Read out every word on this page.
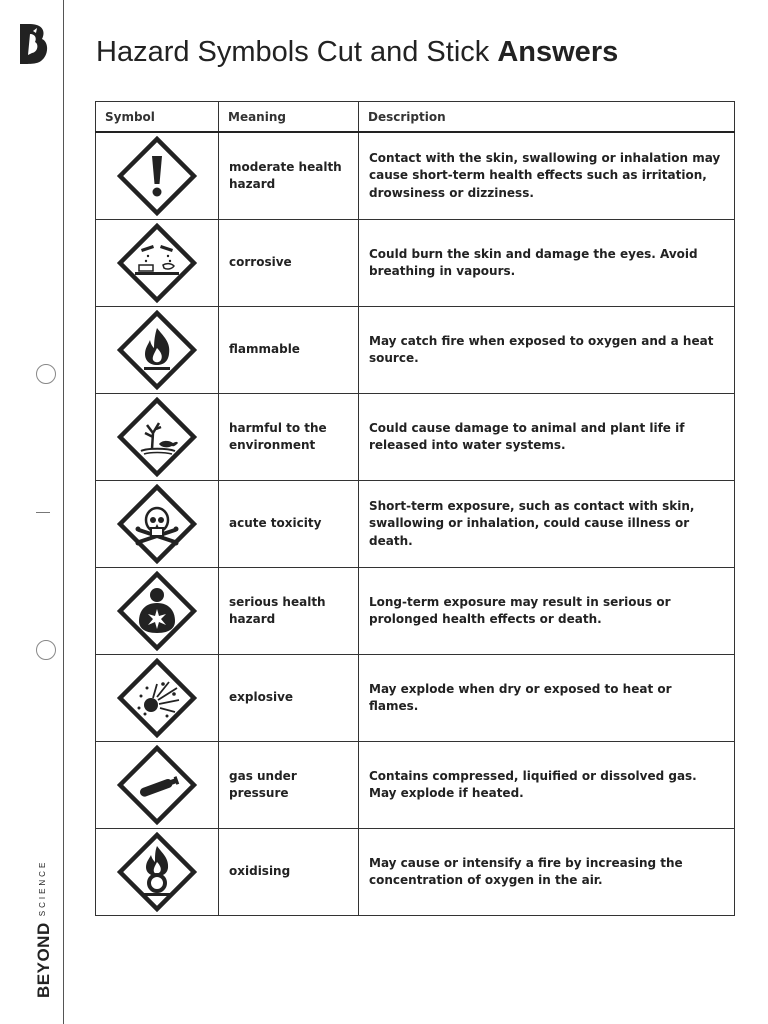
$BEYOND^{SCIENCE}$
Hazard Symbols Cut and Stick Answers
Symbol	Meaning	Description

	moderate health hazard	Contact with the skin, swallowing or inhalation may cause short-term health effects such as irritation, drowsiness or dizziness.

	corrosive	Could burn the skin and damage the eyes. Avoid breathing in vapours.

	flammable	May catch fire when exposed to oxygen and a heat source.

	harmful to the environment	Could cause damage to animal and plant life if released into water systems.

	acute toxicity	Short-term exposure, such as contact with skin, swallowing or inhalation, could cause illness or death.

	serious health hazard	Long-term exposure may result in serious or prolonged health effects or death.

	explosive	May explode when dry or exposed to heat or flames.

	gas under pressure	Contains compressed, liquified or dissolved gas. May explode if heated.

	oxidising	May cause or intensify a fire by increasing the concentration of oxygen in the air.
